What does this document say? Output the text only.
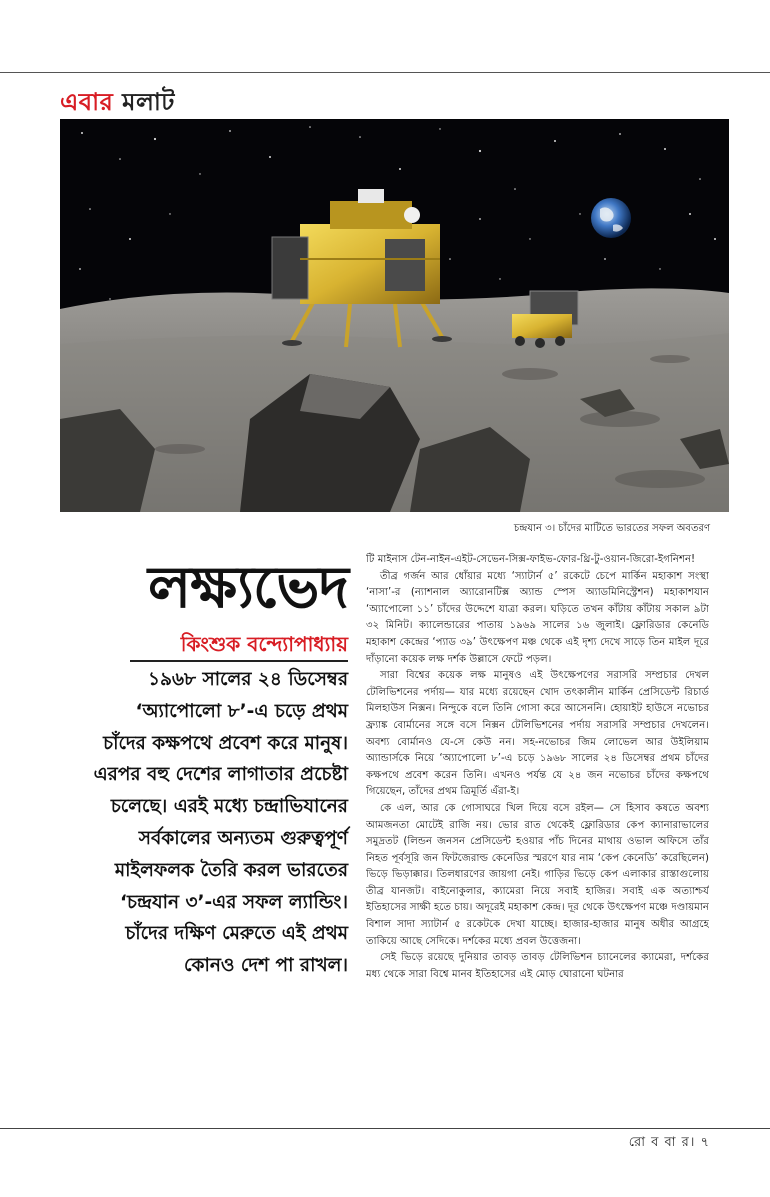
এবার মলাট
চন্দ্রযান ৩। চাঁদের মাটিতে ভারতের সফল অবতরণ
লক্ষ্যভেদ
কিংশুক বন্দ্যোপাধ্যায়

১৯৬৮ সালের ২৪ ডিসেম্বর ‘অ্যাপোলো ৮’-এ চড়ে প্রথম চাঁদের কক্ষপথে প্রবেশ করে মানুষ। এরপর বহু দেশের লাগাতার প্রচেষ্টা চলেছে। এরই মধ্যে চন্দ্রাভিযানের সর্বকালের অন্যতম গুরুত্বপূর্ণ মাইলফলক তৈরি করল ভারতের ‘চন্দ্রযান ৩’-এর সফল ল্যান্ডিং। চাঁদের দক্ষিণ মেরুতে এই প্রথম কোনও দেশ পা রাখল।

টি মাইনাস টেন-নাইন-এইট-সেভেন-সিক্স-ফাইভ-ফোর-থ্রি-টু-ওয়ান-জিরো-ইগনিশন!

তীব্র গর্জন আর ধোঁয়ার মধ্যে ‘স্যাটার্ন ৫’ রকেটে চেপে মার্কিন মহাকাশ সংস্থা ‘নাসা’-র (ন্যাশনাল অ্যারোনটিক্স অ্যান্ড স্পেস অ্যাডমিনিস্ট্রেশন) মহাকাশযান ‘অ্যাপোলো ১১’ চাঁদের উদ্দেশে যাত্রা করল। ঘড়িতে তখন কাঁটায় কাঁটায় সকাল ৯টা ৩২ মিনিট। ক্যালেন্ডারের পাতায় ১৯৬৯ সালের ১৬ জুলাই। ফ্লোরিডার কেনেডি মহাকাশ কেন্দ্রের ‘প্যাড ৩৯’ উৎক্ষেপণ মঞ্চ থেকে এই দৃশ্য দেখে সাড়ে তিন মাইল দূরে দাঁড়ানো কয়েক লক্ষ দর্শক উল্লাসে ফেটে পড়ল।

সারা বিশ্বের কয়েক লক্ষ মানুষও এই উৎক্ষেপণের সরাসরি সম্প্রচার দেখল টেলিভিশনের পর্দায়— যার মধ্যে রয়েছেন খোদ তৎকালীন মার্কিন প্রেসিডেন্ট রিচার্ড মিলহাউস নিক্সন। নিন্দুকে বলে তিনি গোসা করে আসেননি। হোয়াইট হাউসে নভোচর ফ্র্যাঙ্ক বোর্মানের সঙ্গে বসে নিক্সন টেলিভিশনের পর্দায় সরাসরি সম্প্রচার দেখলেন। অবশ্য বোর্মানও যে-সে কেউ নন। সহ-নভোচর জিম লোভেল আর উইলিয়াম অ্যান্ডার্সকে নিয়ে ‘অ্যাপোলো ৮’-এ চড়ে ১৯৬৮ সালের ২৪ ডিসেম্বর প্রথম চাঁদের কক্ষপথে প্রবেশ করেন তিনি। এখনও পর্যন্ত যে ২৪ জন নভোচর চাঁদের কক্ষপথে গিয়েছেন, তাঁদের প্রথম ত্রিমূর্তি এঁরা-ই।

কে এল, আর কে গোসাঘরে খিল দিয়ে বসে রইল— সে হিসাব কষতে অবশ্য আমজনতা মোটেই রাজি নয়। ভোর রাত থেকেই ফ্লোরিডার কেপ ক্যানারাভালের সমুদ্রতট (লিন্ডন জনসন প্রেসিডেন্ট হওয়ার পাঁচ দিনের মাথায় ওভাল অফিসে তাঁর নিহত পূর্বসূরি জন ফিটজেরাল্ড কেনেডির স্মরণে যার নাম ‘কেপ কেনেডি’ করেছিলেন) ভিড়ে ভিড়াক্কার। তিলধারণের জায়গা নেই। গাড়ির ভিড়ে কেপ এলাকার রাস্তাগুলোয় তীব্র যানজট। বাইনোকুলার, ক্যামেরা নিয়ে সবাই হাজির। সবাই এক অত্যাশ্চর্য ইতিহাসের সাক্ষী হতে চায়। অদূরেই মহাকাশ কেন্দ্র। দূর থেকে উৎক্ষেপণ মঞ্চে দণ্ডায়মান বিশাল সাদা স্যাটার্ন ৫ রকেটকে দেখা যাচ্ছে। হাজার-হাজার মানুষ অধীর আগ্রহে তাকিয়ে আছে সেদিকে। দর্শকের মধ্যে প্রবল উত্তেজনা।

সেই ভিড়ে রয়েছে দুনিয়ার তাবড় তাবড় টেলিভিশন চ্যানেলের ক্যামেরা, দর্শকের মধ্য থেকে সারা বিশ্বে মানব ইতিহাসের এই মোড় ঘোরানো ঘটনার

রো ব বা র। ৭
